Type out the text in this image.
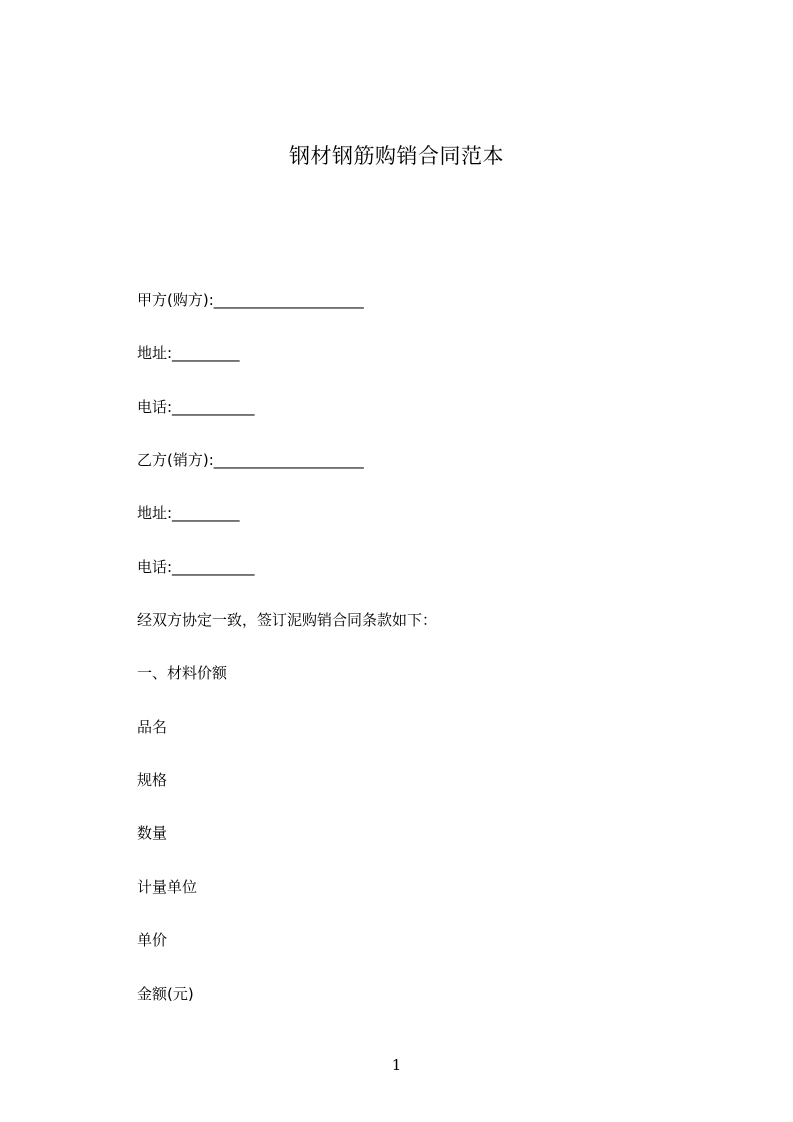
钢材钢筋购销合同范本
甲方(购方):____________________
地址:_________
电话:___________
乙方(销方):____________________
地址:_________
电话:___________
经双方协定一致，签订泥购销合同条款如下：
一、材料价额
品名
规格
数量
计量单位
单价
金额(元)
1
